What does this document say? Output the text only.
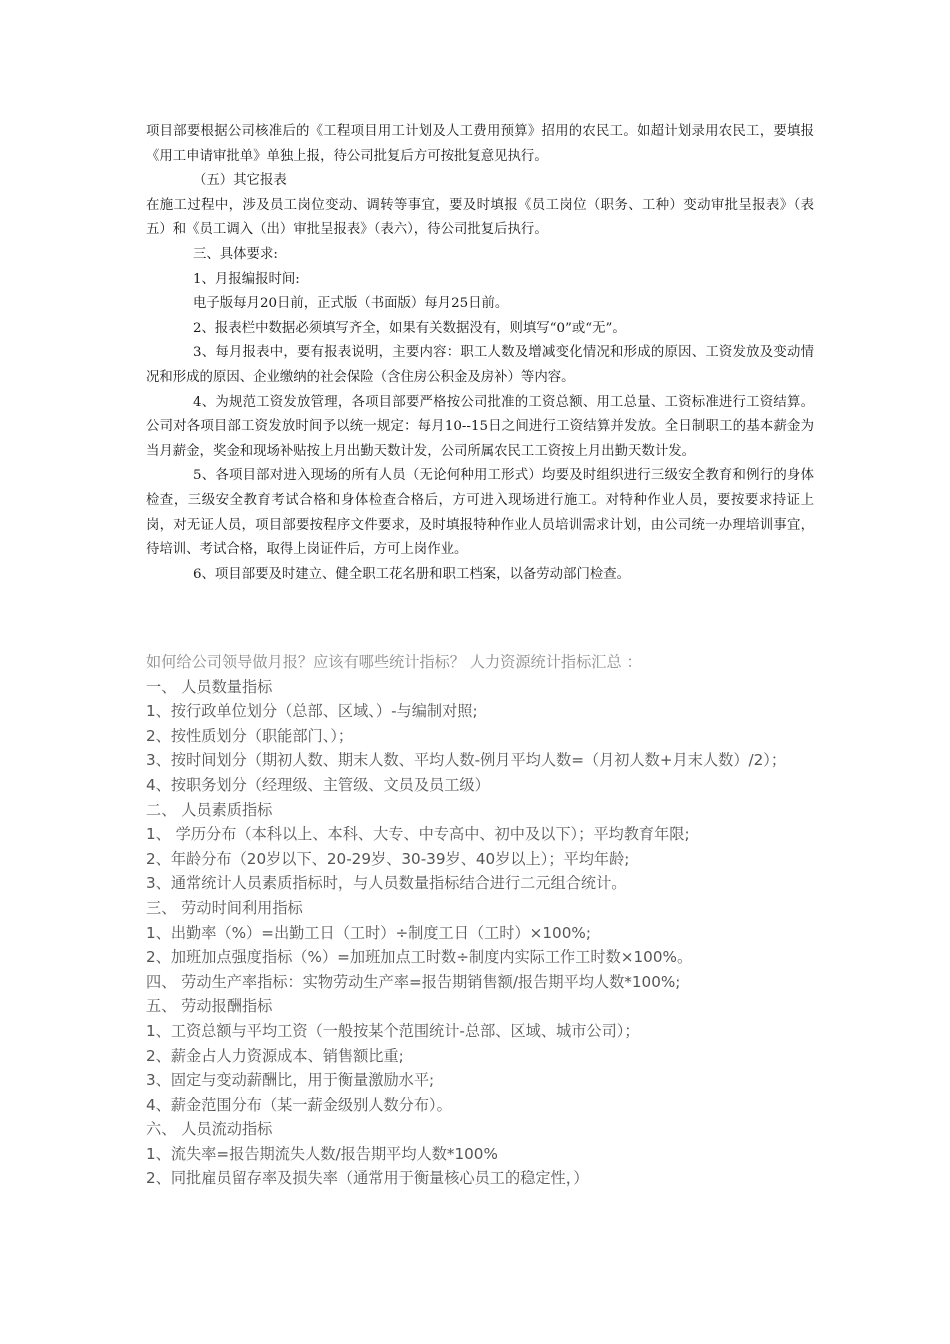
项目部要根据公司核准后的《工程项目用工计划及人工费用预算》招用的农民工。如超计划录用农民工，要填报《用工申请审批单》单独上报，待公司批复后方可按批复意见执行。

（五）其它报表

在施工过程中，涉及员工岗位变动、调转等事宜，要及时填报《员工岗位（职务、工种）变动审批呈报表》（表五）和《员工调入（出）审批呈报表》（表六），待公司批复后执行。

三、具体要求:

1、月报编报时间:

电子版每月20日前，正式版（书面版）每月25日前。

2、报表栏中数据必须填写齐全，如果有关数据没有，则填写“0”或“无”。

3、每月报表中，要有报表说明，主要内容：职工人数及增减变化情况和形成的原因、工资发放及变动情况和形成的原因、企业缴纳的社会保险（含住房公积金及房补）等内容。

4、为规范工资发放管理，各项目部要严格按公司批准的工资总额、用工总量、工资标准进行工资结算。公司对各项目部工资发放时间予以统一规定：每月10--15日之间进行工资结算并发放。全日制职工的基本薪金为当月薪金，奖金和现场补贴按上月出勤天数计发，公司所属农民工工资按上月出勤天数计发。

5、各项目部对进入现场的所有人员（无论何种用工形式）均要及时组织进行三级安全教育和例行的身体检查，三级安全教育考试合格和身体检查合格后，方可进入现场进行施工。对特种作业人员，要按要求持证上岗，对无证人员，项目部要按程序文件要求，及时填报特种作业人员培训需求计划，由公司统一办理培训事宜，待培训、考试合格，取得上岗证件后，方可上岗作业。

6、项目部要及时建立、健全职工花名册和职工档案，以备劳动部门检查。

如何给公司领导做月报？应该有哪些统计指标？ 人力资源统计指标汇总 ：

一、 人员数量指标

1、按行政单位划分（总部、区域、）-与编制对照;

2、按性质划分（职能部门、）；

3、按时间划分（期初人数、期末人数、平均人数-例月平均人数=（月初人数+月末人数）/2）；

4、按职务划分（经理级、主管级、文员及员工级）

二、 人员素质指标

1、 学历分布（本科以上、本科、大专、中专高中、初中及以下）；平均教育年限;

2、年龄分布（20岁以下、20-29岁、30-39岁、40岁以上）；平均年龄;

3、通常统计人员素质指标时，与人员数量指标结合进行二元组合统计。

三、 劳动时间利用指标

1、出勤率（%）=出勤工日（工时）÷制度工日（工时）×100%;

2、加班加点强度指标（%）=加班加点工时数÷制度内实际工作工时数×100%。

四、 劳动生产率指标：实物劳动生产率=报告期销售额/报告期平均人数*100%;

五、 劳动报酬指标

1、工资总额与平均工资（一般按某个范围统计-总部、区域、城市公司）；

2、薪金占人力资源成本、销售额比重;

3、固定与变动薪酬比，用于衡量激励水平;

4、薪金范围分布（某一薪金级别人数分布）。

六、 人员流动指标

1、流失率=报告期流失人数/报告期平均人数*100%

2、同批雇员留存率及损失率（通常用于衡量核心员工的稳定性，）
